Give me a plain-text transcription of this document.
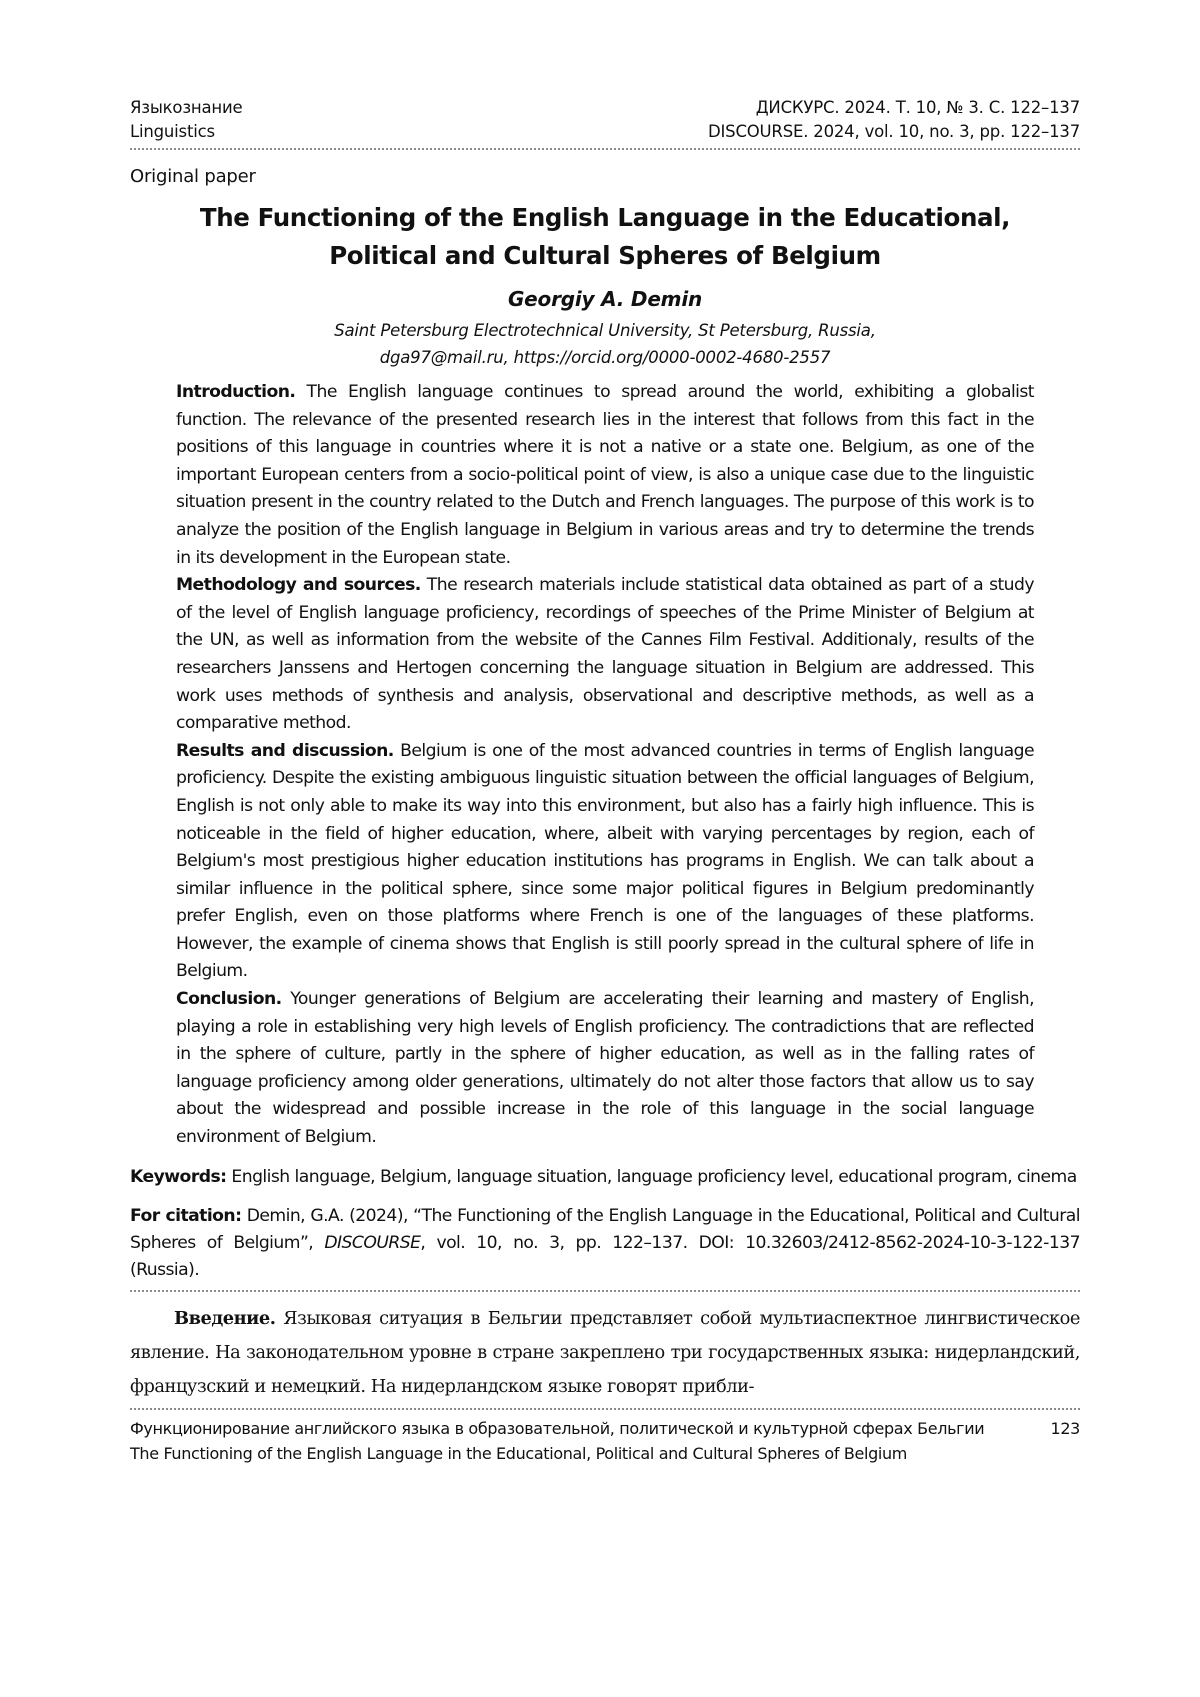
Языкознание	ДИСКУРС. 2024. Т. 10, № 3. С. 122–137
Linguistics	DISCOURSE. 2024, vol. 10, no. 3, pp. 122–137
Original paper
The Functioning of the English Language in the Educational,
Political and Cultural Spheres of Belgium
Georgiy A. Demin
Saint Petersburg Electrotechnical University, St Petersburg, Russia,
dga97@mail.ru, https://orcid.org/0000-0002-4680-2557

Introduction. The English language continues to spread around the world, exhibiting a globalist function. The relevance of the presented research lies in the interest that follows from this fact in the positions of this language in countries where it is not a native or a state one. Belgium, as one of the important European centers from a socio-political point of view, is also a unique case due to the linguistic situation present in the country related to the Dutch and French languages. The purpose of this work is to analyze the position of the English language in Belgium in various areas and try to determine the trends in its development in the European state.

Methodology and sources. The research materials include statistical data obtained as part of a study of the level of English language proficiency, recordings of speeches of the Prime Minister of Belgium at the UN, as well as information from the website of the Cannes Film Festival. Additionaly, results of the researchers Janssens and Hertogen concerning the language situation in Belgium are addressed. This work uses methods of synthesis and analysis, observational and descriptive methods, as well as a comparative method.

Results and discussion. Belgium is one of the most advanced countries in terms of English language proficiency. Despite the existing ambiguous linguistic situation between the official languages of Belgium, English is not only able to make its way into this environment, but also has a fairly high influence. This is noticeable in the field of higher education, where, albeit with varying percentages by region, each of Belgium's most prestigious higher education institutions has programs in English. We can talk about a similar influence in the political sphere, since some major political figures in Belgium predominantly prefer English, even on those platforms where French is one of the languages of these platforms. However, the example of cinema shows that English is still poorly spread in the cultural sphere of life in Belgium.

Conclusion. Younger generations of Belgium are accelerating their learning and mastery of English, playing a role in establishing very high levels of English proficiency. The contradictions that are reflected in the sphere of culture, partly in the sphere of higher education, as well as in the falling rates of language proficiency among older generations, ultimately do not alter those factors that allow us to say about the widespread and possible increase in the role of this language in the social language environment of Belgium.

Keywords: English language, Belgium, language situation, language proficiency level, educational program, cinema
For citation: Demin, G.A. (2024), “The Functioning of the English Language in the Educational, Political and Cultural Spheres of Belgium”, DISCOURSE, vol. 10, no. 3, pp. 122–137. DOI: 10.32603/2412-8562-2024-10-3-122-137 (Russia).
Введение. Языковая ситуация в Бельгии представляет собой мультиаспектное лингвистическое явление. На законодательном уровне в стране закреплено три государственных языка: нидерландский, французский и немецкий. На нидерландском языке говорят прибли-
Функционирование английского языка в образовательной, политической и культурной сферах Бельгии
The Functioning of the English Language in the Educational, Political and Cultural Spheres of Belgium
123
